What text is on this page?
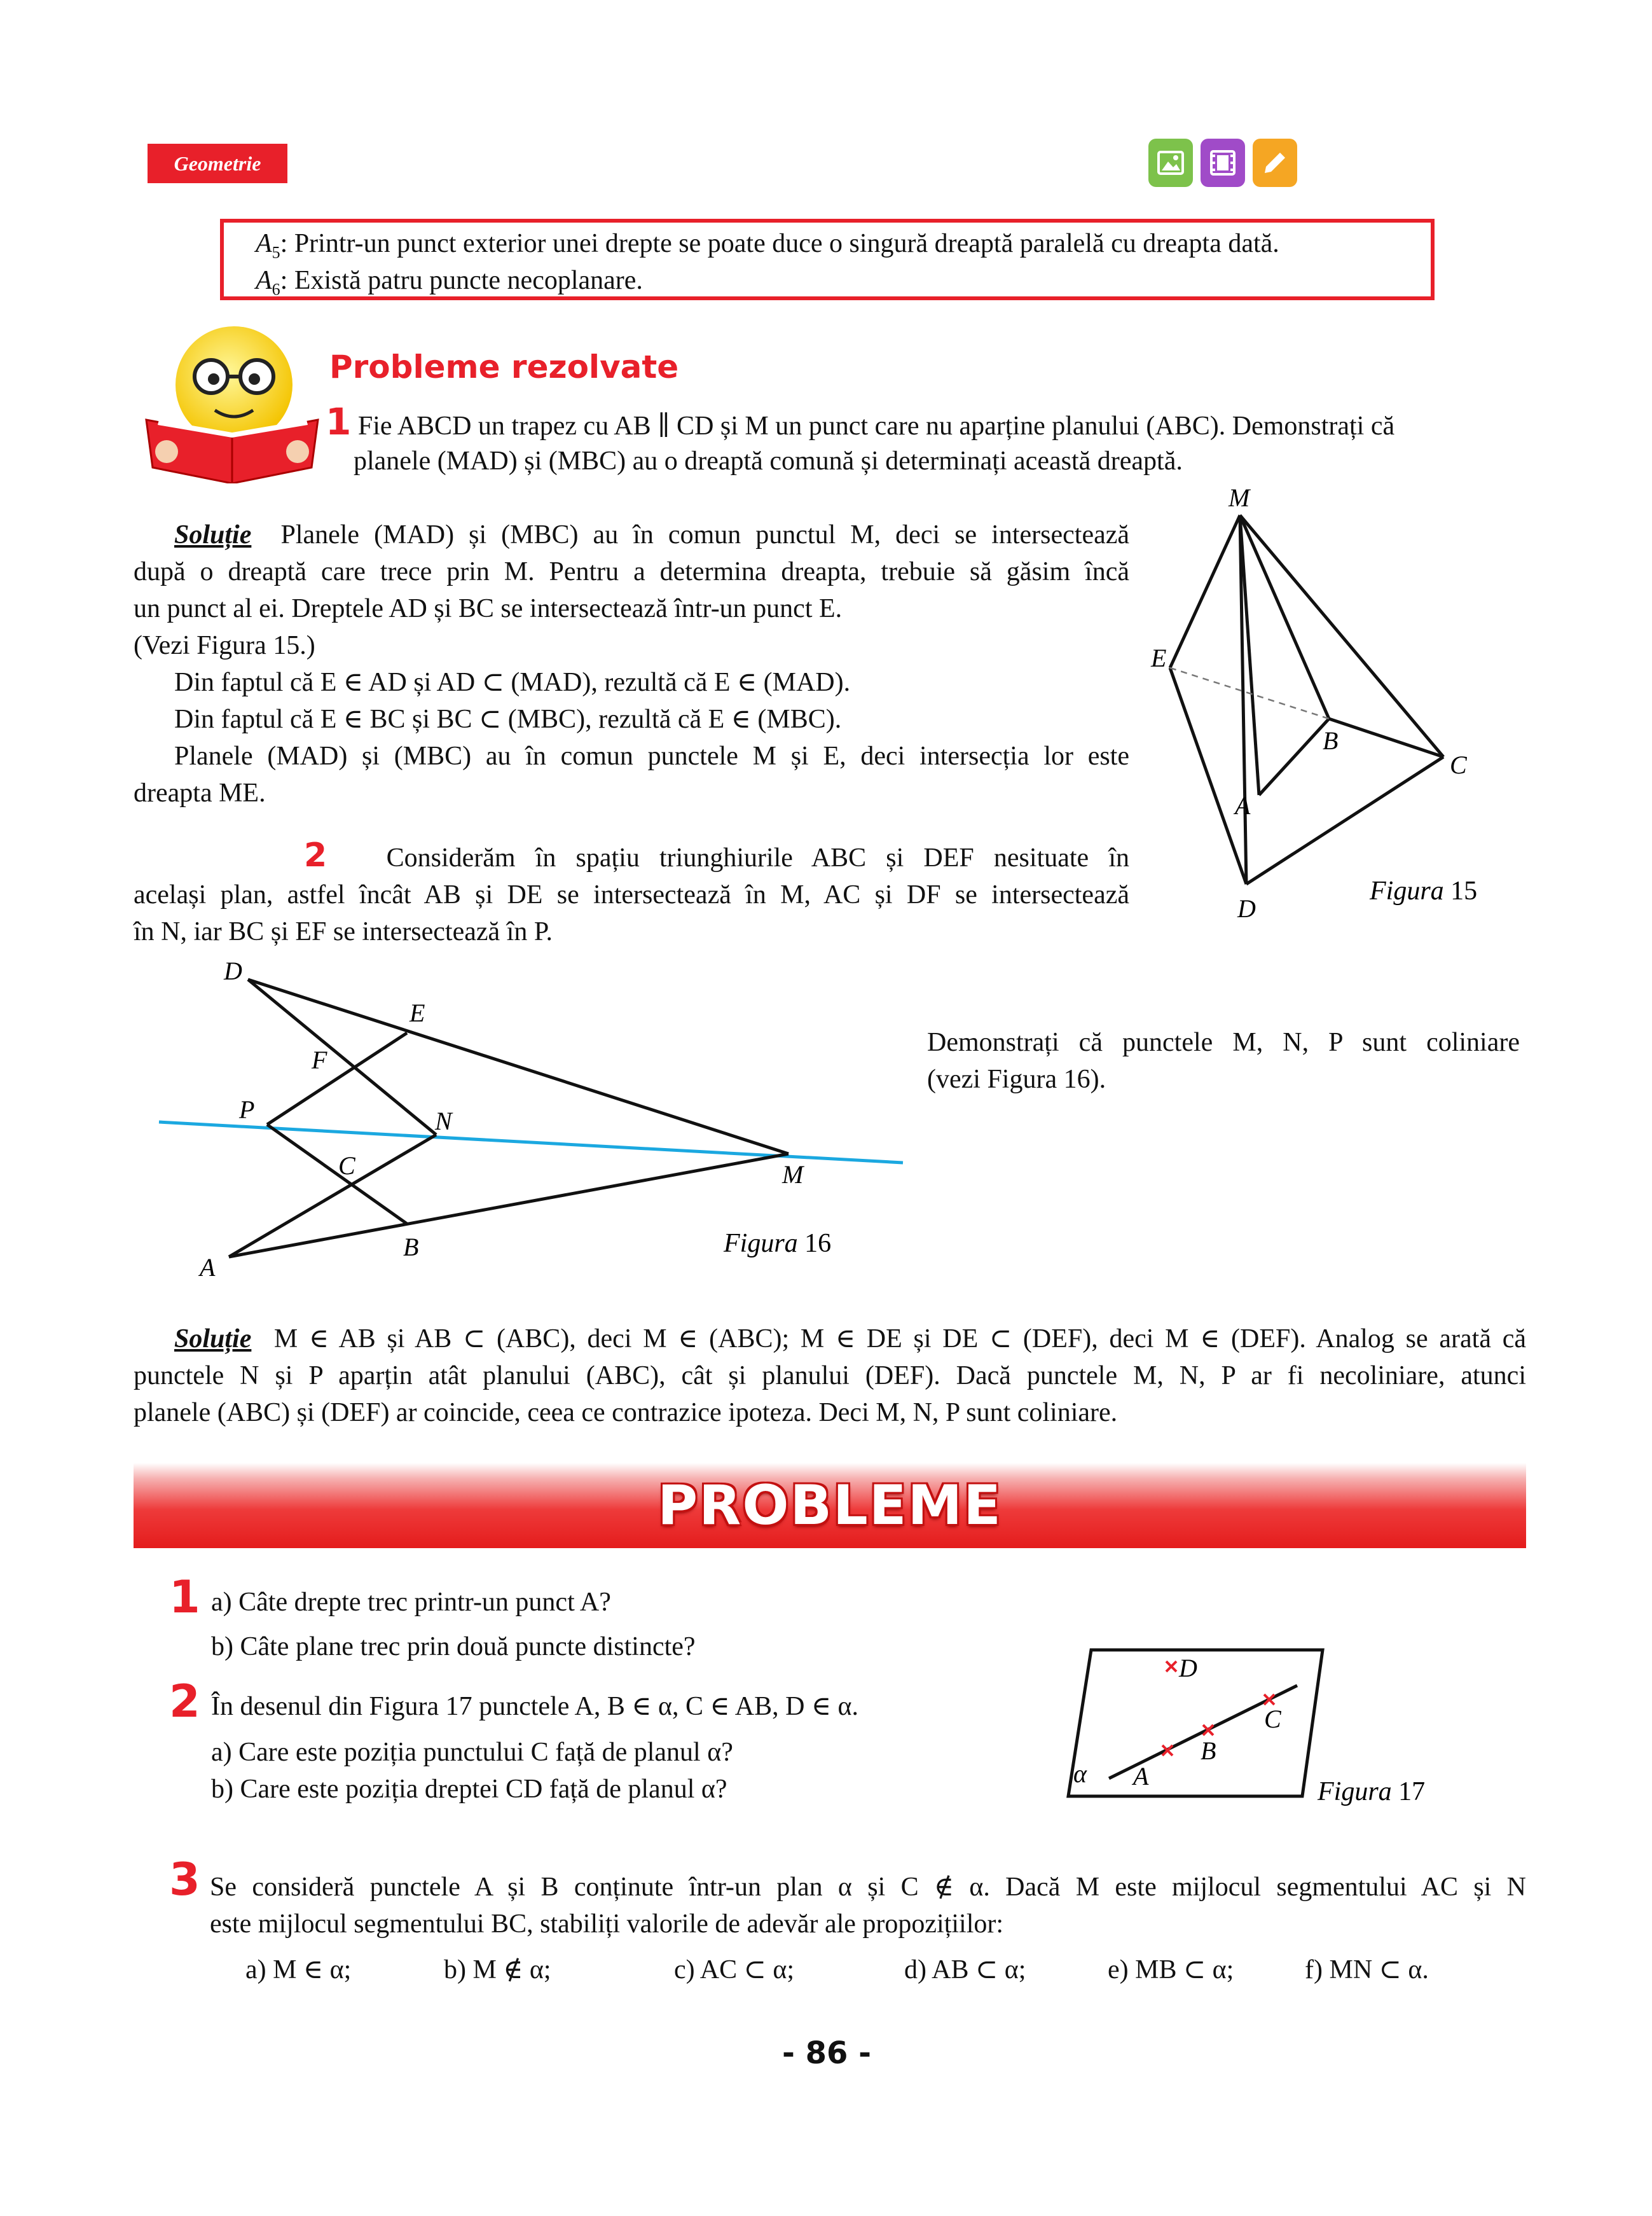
Geometrie
$A_5$: Printr-un punct exterior unei drepte se poate duce o singură dreaptă paralelă cu dreapta dată.
$A_6$: Există patru puncte necoplanare.
Probleme rezolvate
1 Fie ABCD un trapez cu AB ∥ CD și M un punct care nu aparține planului (ABC). Demonstrați că
planele (MAD) și (MBC) au o dreaptă comună și determinați această dreaptă.
Soluție Planele (MAD) și (MBC) au în comun punctul M, deci se intersectează
după o dreaptă care trece prin M. Pentru a determina dreapta, trebuie să găsim încă
un punct al ei. Dreptele AD și BC se intersectează într-un punct E.
(Vezi Figura 15.)
Din faptul că E ∈ AD și AD ⊂ (MAD), rezultă că E ∈ (MAD).
Din faptul că E ∈ BC și BC ⊂ (MBC), rezultă că E ∈ (MBC).
Planele (MAD) și (MBC) au în comun punctele M și E, deci intersecția lor este
dreapta ME.
M
E
B
C
A
D
Figura 15
2 Considerăm în spațiu triunghiurile ABC și DEF nesituate în
același plan, astfel încât AB și DE se intersectează în M, AC și DF se intersectează
în N, iar BC și EF se intersectează în P.
D
E
F
P	N
C	M
B
A
Figura 16
Demonstrați că punctele M, N, P sunt coliniare
(vezi Figura 16).
Soluție M ∈ AB și AB ⊂ (ABC), deci M ∈ (ABC); M ∈ DE și DE ⊂ (DEF), deci M ∈ (DEF). Analog se arată că
punctele N și P aparțin atât planului (ABC), cât și planului (DEF). Dacă punctele M, N, P ar fi necoliniare, atunci
planele (ABC) și (DEF) ar coincide, ceea ce contrazice ipoteza. Deci M, N, P sunt coliniare.
PROBLEME
1 a) Câte drepte trec printr-un punct A?
b) Câte plane trec prin două puncte distincte?
2 În desenul din Figura 17 punctele A, B ∈ α, C ∈ AB, D ∈ α.
a) Care este poziția punctului C față de planul α?
b) Care este poziția dreptei CD față de planul α?
D
C
B
A
α
Figura 17
3 Se consideră punctele A și B conținute într-un plan α și C ∉ α. Dacă M este mijlocul segmentului AC și N
este mijlocul segmentului BC, stabiliți valorile de adevăr ale propozițiilor:
a) M ∈ α;	b) M ∉ α;	c) AC ⊂ α;	d) AB ⊂ α;	e) MB ⊂ α;	f) MN ⊂ α.
- 86 -
